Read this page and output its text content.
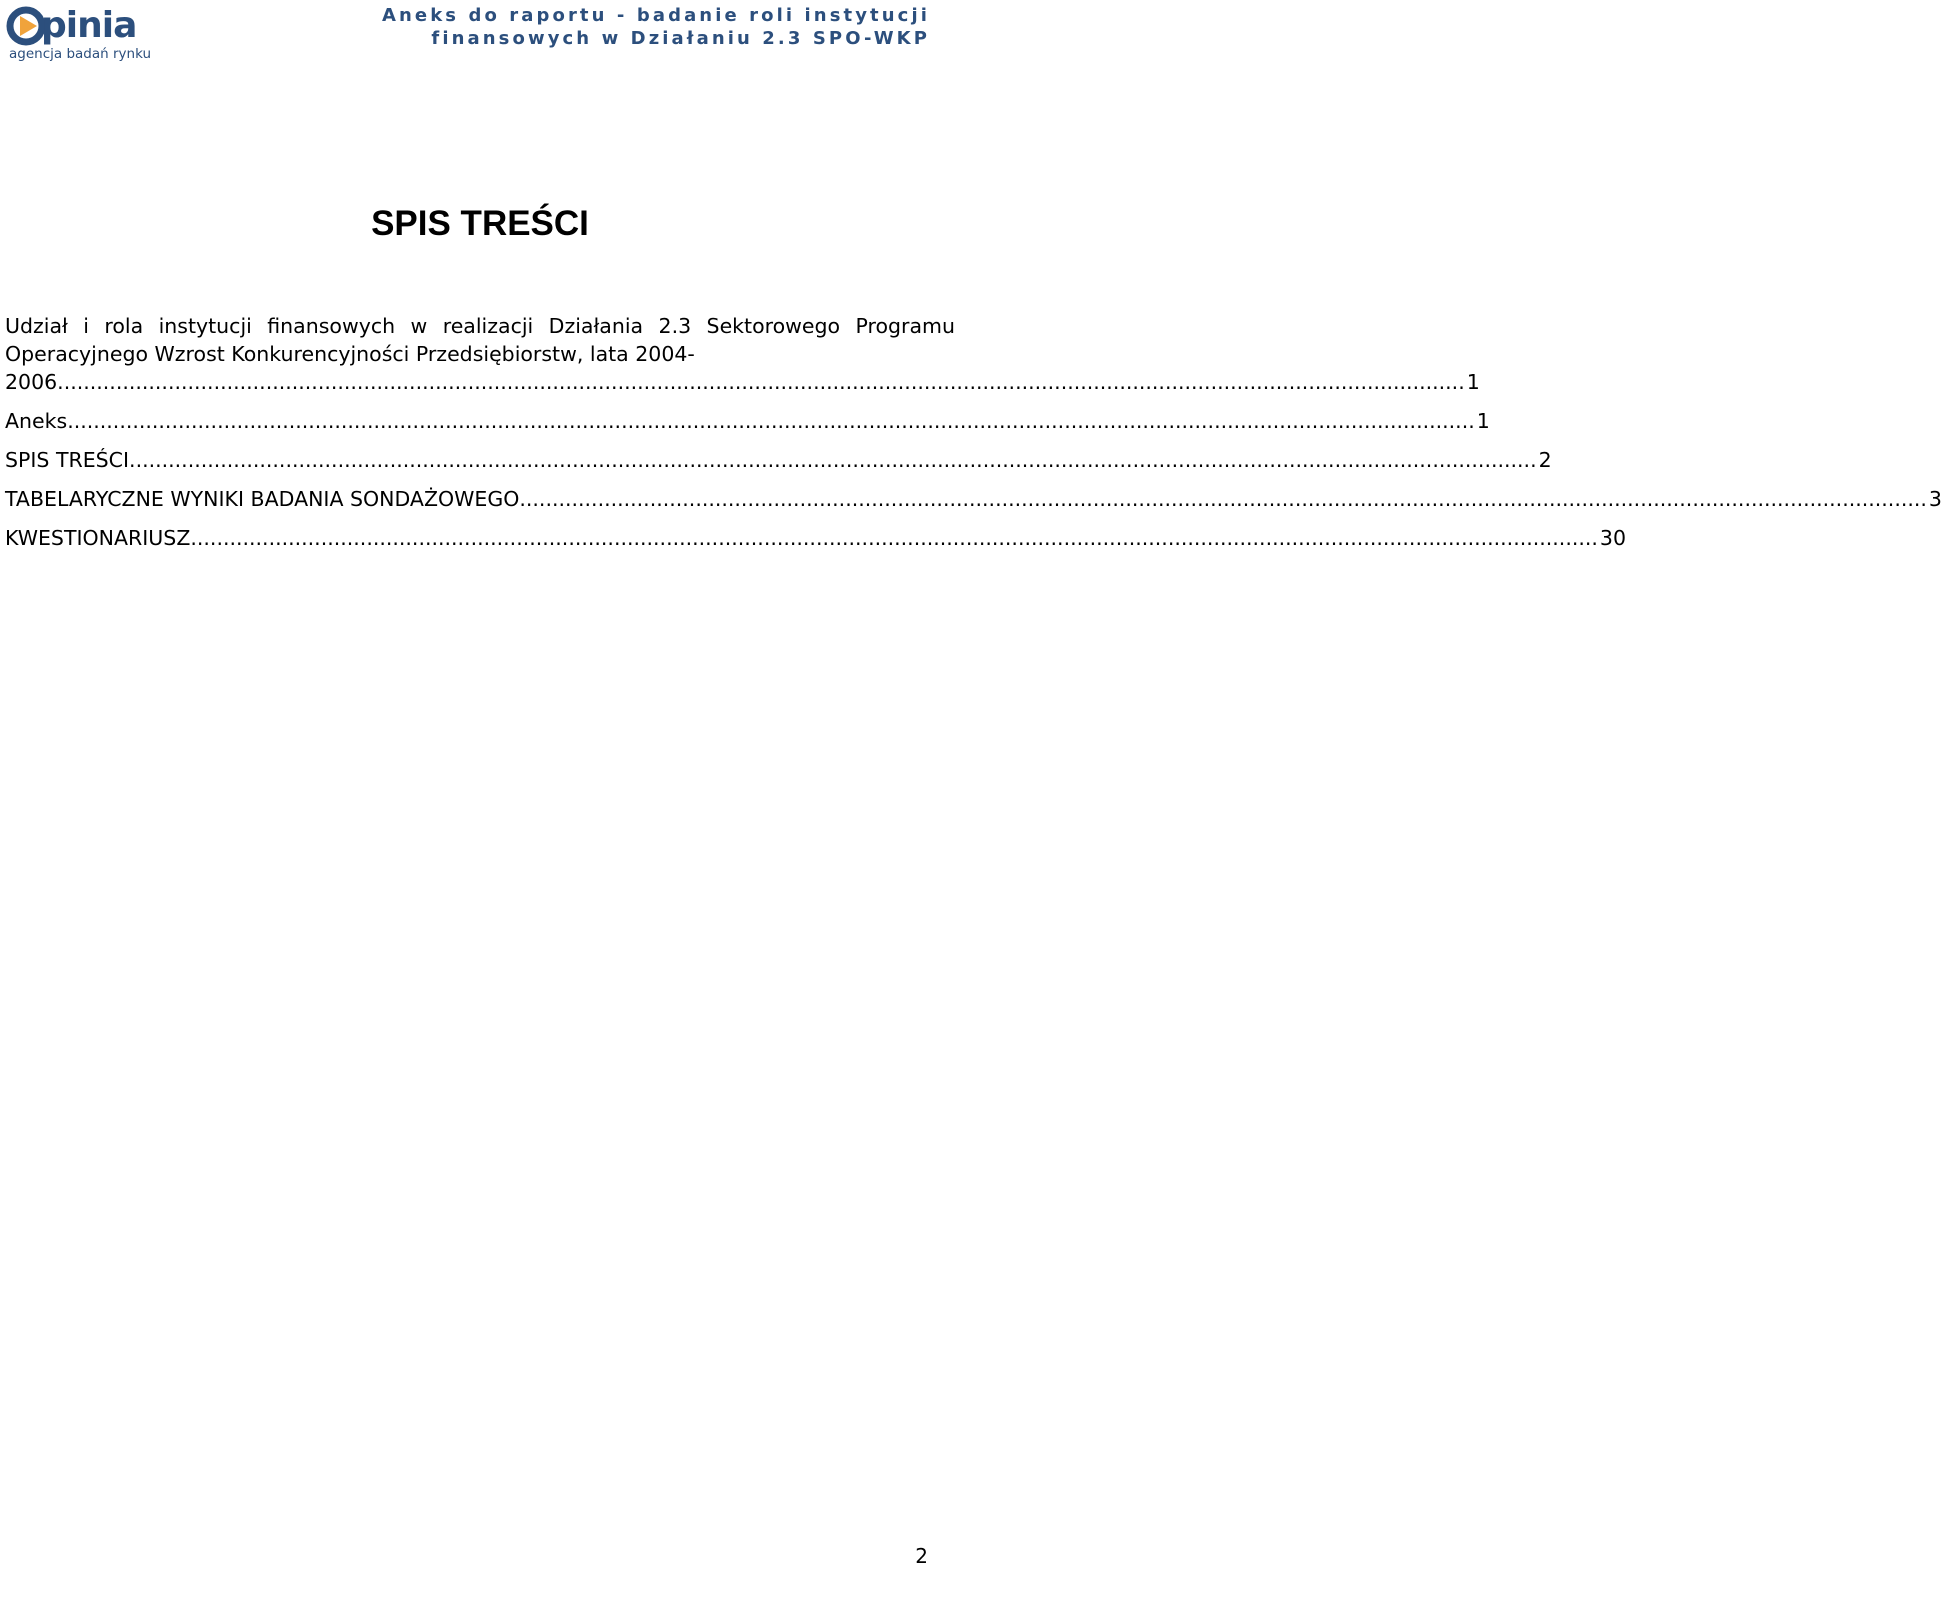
pinia
agencja badań rynku
Aneks do raportu - badanie roli instytucji
finansowych w Działaniu 2.3 SPO-WKP
SPIS TREŚCI
Udział i rola instytucji finansowych w realizacji Działania 2.3 Sektorowego Programu Operacyjnego Wzrost Konkurencyjności Przedsiębiorstw, lata 2004-
2006 ........................................................................................................................................................................................................................ 1
Aneks ........................................................................................................................................................................................................................ 1
SPIS TREŚCI ........................................................................................................................................................................................................................ 2
TABELARYCZNE WYNIKI BADANIA SONDAŻOWEGO ........................................................................................................................................................................................................................ 3
KWESTIONARIUSZ ........................................................................................................................................................................................................................ 30
2
